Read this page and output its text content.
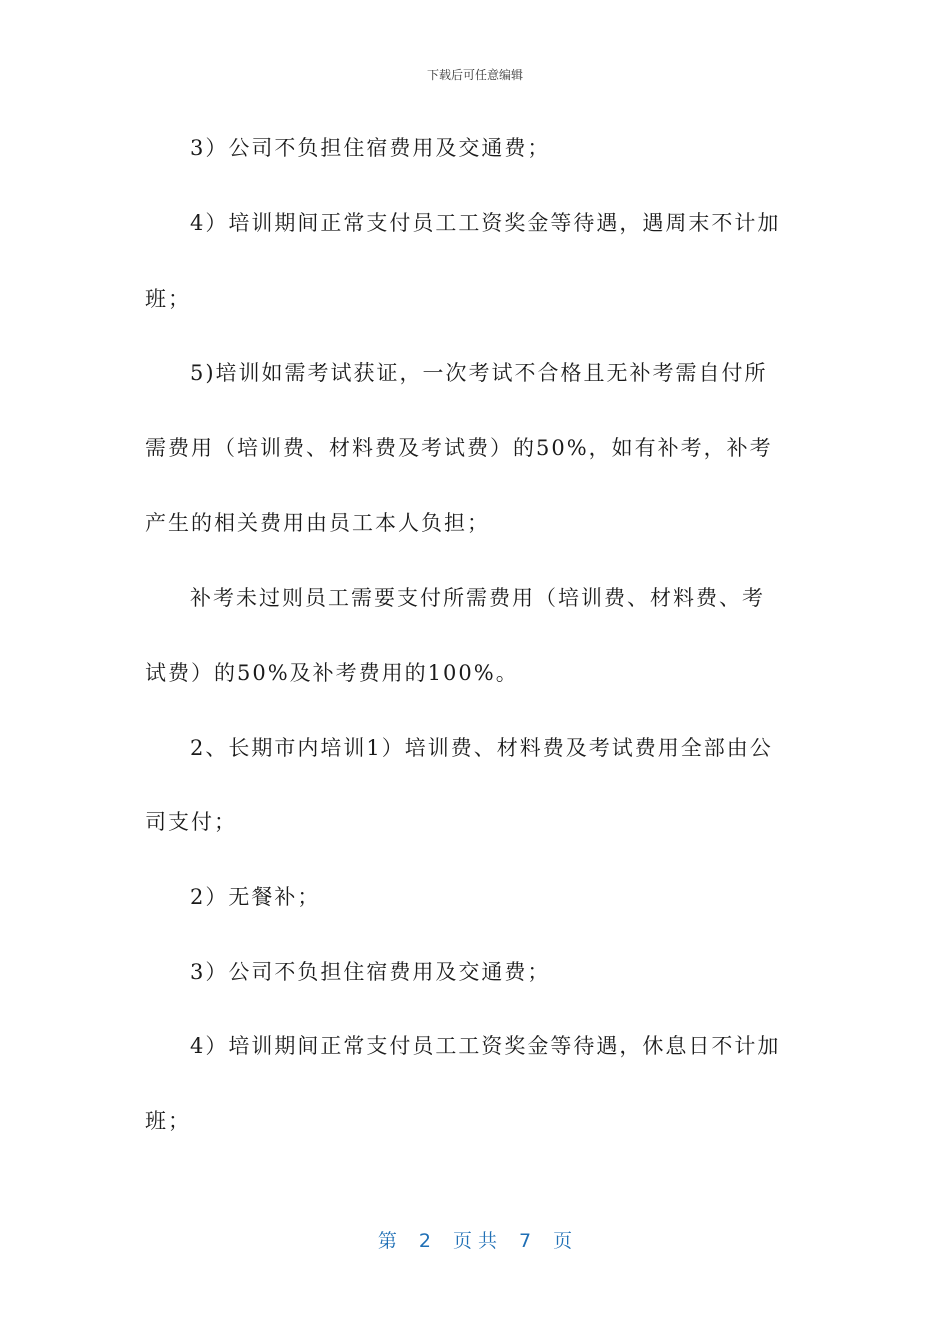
下载后可任意编辑
3）公司不负担住宿费用及交通费；
4）培训期间正常支付员工工资奖金等待遇，遇周末不计加
班；
5)培训如需考试获证，一次考试不合格且无补考需自付所
需费用（培训费、材料费及考试费）的50%，如有补考，补考
产生的相关费用由员工本人负担；
补考未过则员工需要支付所需费用（培训费、材料费、考
试费）的50%及补考费用的100%。
2、长期市内培训1）培训费、材料费及考试费用全部由公
司支付；
2）无餐补；
3）公司不负担住宿费用及交通费；
4）培训期间正常支付员工工资奖金等待遇，休息日不计加
班；
第 2 页 共 7 页
